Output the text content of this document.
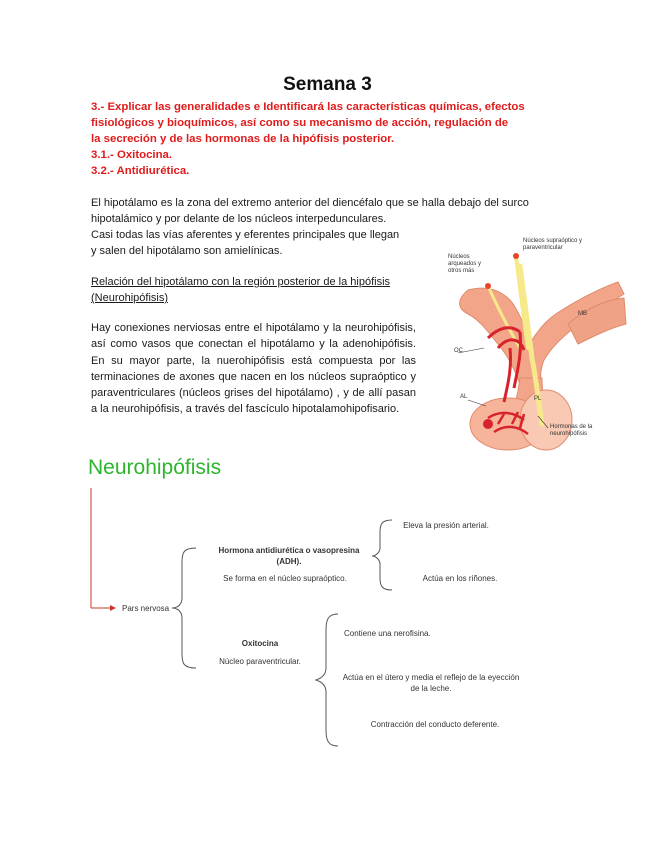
Semana 3
3.- Explicar las generalidades e Identificará las características químicas, efectos
fisiológicos y bioquímicos, así como su mecanismo de acción, regulación de
la secreción y de las hormonas de la hipófisis posterior.
3.1.- Oxitocina.
3.2.- Antidiurética.
El hipotálamo es la zona del extremo anterior del diencéfalo que se halla debajo del surco
hipotalámico y por delante de los núcleos interpedunculares.
Casi todas las vías aferentes y eferentes principales que llegan
y salen del hipotálamo son amielínicas.
Relación del hipotálamo con la región posterior de la hipófisis
(Neurohipófisis)
Hay conexiones nerviosas entre el hipotálamo y la neurohipófisis, así como vasos que conectan el hipotálamo y la adenohipófisis. En su mayor parte, la nuerohipófisis está compuesta por las terminaciones de axones que nacen en los núcleos supraóptico y paraventriculares (núcleos grises del hipotálamo) , y de allí pasan a la neurohipófisis, a través del fascículo hipotalamohipofisario.
Núcleos arqueados y otros más
Núcleos supraóptico y paraventricular
MB
OC
AL	PL
Hormonas de la neurohipófisis
Neurohipófisis
Pars nervosa
Hormona antidiurética o vasopresina (ADH).
Se forma en el núcleo supraóptico.
Eleva la presión arterial.
Actúa en los riñones.
Oxitocina
Núcleo paraventricular.
Contiene una nerofisina.
Actúa en el útero y media el reflejo de la eyección de la leche.
Contracción del conducto deferente.
